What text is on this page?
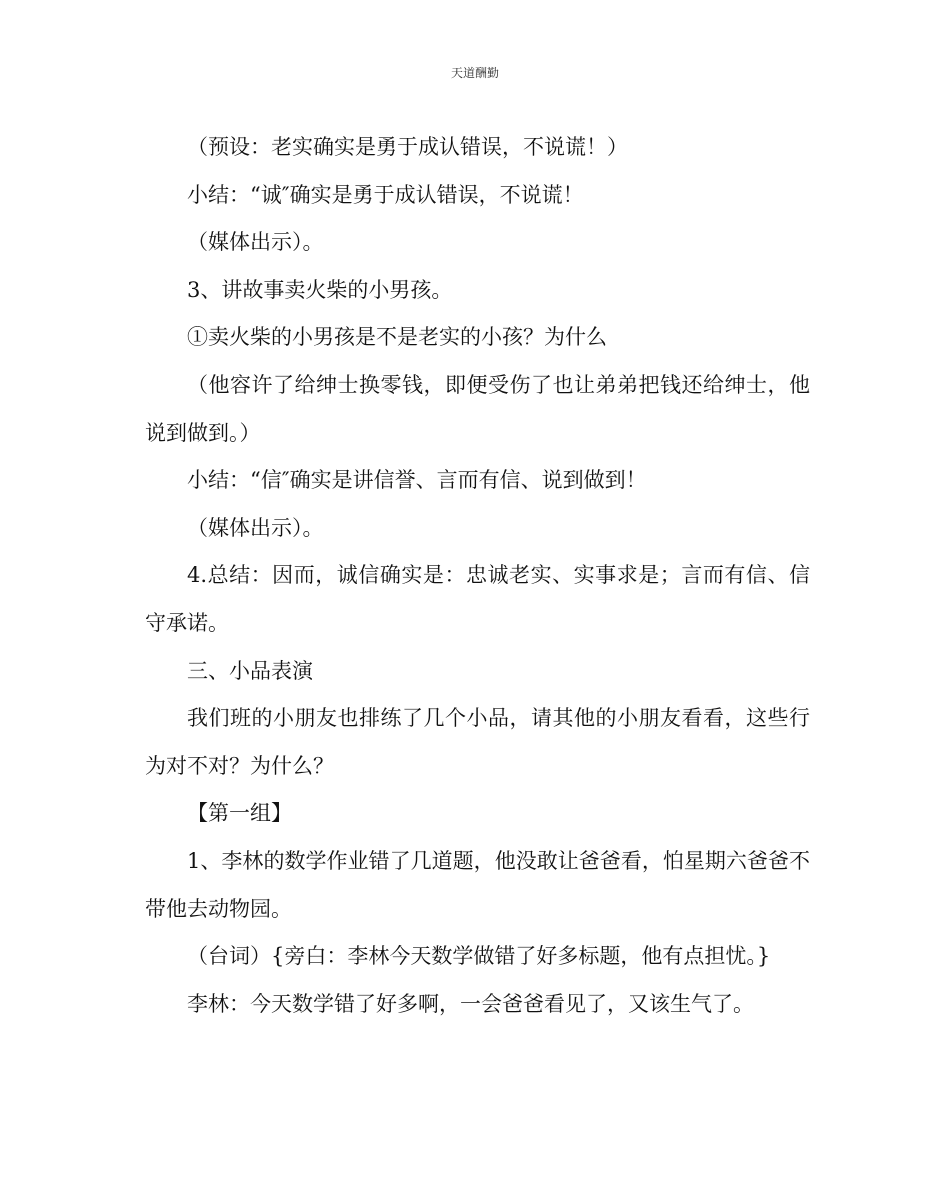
天道酬勤

（预设：老实确实是勇于成认错误，不说谎！）

小结：“诚″确实是勇于成认错误，不说谎！

（媒体出示）。

3、讲故事卖火柴的小男孩。

①卖火柴的小男孩是不是老实的小孩？为什么

（他容许了给绅士换零钱，即便受伤了也让弟弟把钱还给绅士，他说到做到。）

小结：“信″确实是讲信誉、言而有信、说到做到！

（媒体出示）。

4.总结：因而，诚信确实是：忠诚老实、实事求是；言而有信、信守承诺。

三、小品表演

我们班的小朋友也排练了几个小品，请其他的小朋友看看，这些行为对不对？为什么？

【第一组】

1、李林的数学作业错了几道题，他没敢让爸爸看，怕星期六爸爸不带他去动物园。

（台词）{旁白：李林今天数学做错了好多标题，他有点担忧。}

李林：今天数学错了好多啊，一会爸爸看见了，又该生气了。
